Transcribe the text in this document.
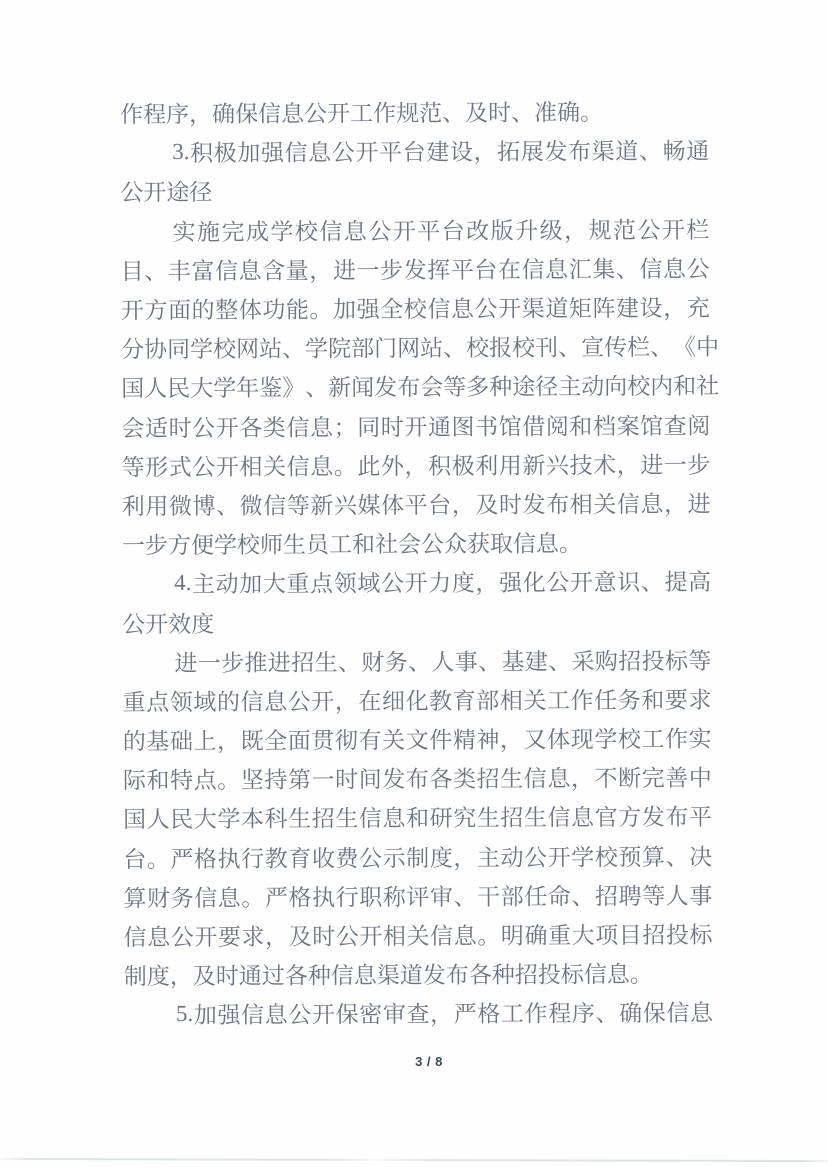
作 程 序 ， 确 保 信 息 公 开 工 作 规 范 、 及 时 、 准 确 。
3. 积 极 加 强 信 息 公 开 平 台 建 设 ， 拓 展 发 布 渠 道 、 畅 通
公 开 途 径
实 施 完 成 学 校 信 息 公 开 平 台 改 版 升 级 ， 规 范 公 开 栏
目 、 丰 富 信 息 含 量 ， 进 一 步 发 挥 平 台 在 信 息 汇 集 、 信 息 公
开 方 面 的 整 体 功 能 。 加 强 全 校 信 息 公 开 渠 道 矩 阵 建 设 ， 充
分 协 同 学 校 网 站 、 学 院 部 门 网 站 、 校 报 校 刊 、 宣 传 栏 、 《 中
国 人 民 大 学 年 鉴 》 、 新 闻 发 布 会 等 多 种 途 径 主 动 向 校 内 和 社
会 适 时 公 开 各 类 信 息 ； 同 时 开 通 图 书 馆 借 阅 和 档 案 馆 查 阅
等 形 式 公 开 相 关 信 息 。 此 外 ， 积 极 利 用 新 兴 技 术 ， 进 一 步
利 用 微 博 、 微 信 等 新 兴 媒 体 平 台 ， 及 时 发 布 相 关 信 息 ， 进
一 步 方 便 学 校 师 生 员 工 和 社 会 公 众 获 取 信 息 。
4. 主 动 加 大 重 点 领 域 公 开 力 度 ， 强 化 公 开 意 识 、 提 高
公 开 效 度
进 一 步 推 进 招 生 、 财 务 、 人 事 、 基 建 、 采 购 招 投 标 等
重 点 领 域 的 信 息 公 开 ， 在 细 化 教 育 部 相 关 工 作 任 务 和 要 求
的 基 础 上 ， 既 全 面 贯 彻 有 关 文 件 精 神 ， 又 体 现 学 校 工 作 实
际 和 特 点 。 坚 持 第 一 时 间 发 布 各 类 招 生 信 息 ， 不 断 完 善 中
国 人 民 大 学 本 科 生 招 生 信 息 和 研 究 生 招 生 信 息 官 方 发 布 平
台 。 严 格 执 行 教 育 收 费 公 示 制 度 ， 主 动 公 开 学 校 预 算 、 决
算 财 务 信 息 。 严 格 执 行 职 称 评 审 、 干 部 任 命 、 招 聘 等 人 事
信 息 公 开 要 求 ， 及 时 公 开 相 关 信 息 。 明 确 重 大 项 目 招 投 标
制 度 ， 及 时 通 过 各 种 信 息 渠 道 发 布 各 种 招 投 标 信 息 。
5. 加 强 信 息 公 开 保 密 审 查 ， 严 格 工 作 程 序 、 确 保 信 息
3 / 8
